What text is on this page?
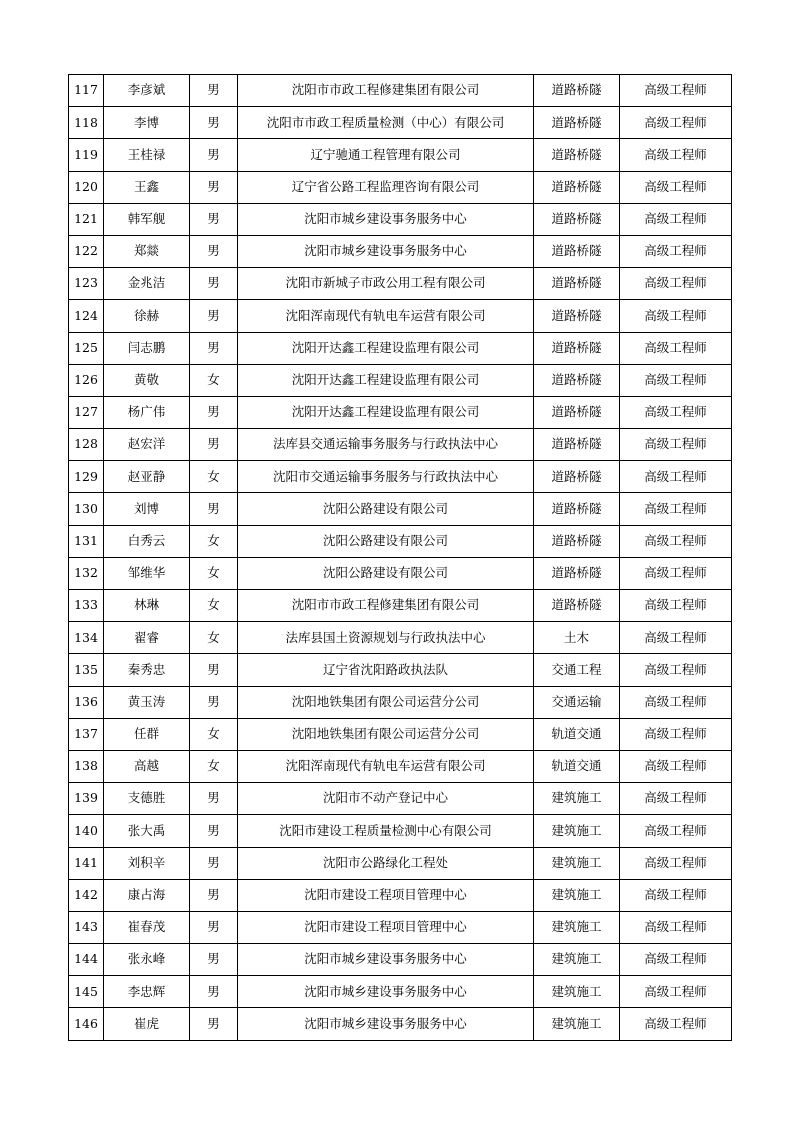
117	李彦斌	男	沈阳市市政工程修建集团有限公司	道路桥隧	高级工程师
118	李博	男	沈阳市市政工程质量检测（中心）有限公司	道路桥隧	高级工程师
119	王桂禄	男	辽宁驰通工程管理有限公司	道路桥隧	高级工程师
120	王鑫	男	辽宁省公路工程监理咨询有限公司	道路桥隧	高级工程师
121	韩军舰	男	沈阳市城乡建设事务服务中心	道路桥隧	高级工程师
122	郑燚	男	沈阳市城乡建设事务服务中心	道路桥隧	高级工程师
123	金兆洁	男	沈阳市新城子市政公用工程有限公司	道路桥隧	高级工程师
124	徐赫	男	沈阳浑南现代有轨电车运营有限公司	道路桥隧	高级工程师
125	闫志鹏	男	沈阳开达鑫工程建设监理有限公司	道路桥隧	高级工程师
126	黄敬	女	沈阳开达鑫工程建设监理有限公司	道路桥隧	高级工程师
127	杨广伟	男	沈阳开达鑫工程建设监理有限公司	道路桥隧	高级工程师
128	赵宏洋	男	法库县交通运输事务服务与行政执法中心	道路桥隧	高级工程师
129	赵亚静	女	沈阳市交通运输事务服务与行政执法中心	道路桥隧	高级工程师
130	刘博	男	沈阳公路建设有限公司	道路桥隧	高级工程师
131	白秀云	女	沈阳公路建设有限公司	道路桥隧	高级工程师
132	邹维华	女	沈阳公路建设有限公司	道路桥隧	高级工程师
133	林琳	女	沈阳市市政工程修建集团有限公司	道路桥隧	高级工程师
134	翟睿	女	法库县国土资源规划与行政执法中心	土木	高级工程师
135	秦秀忠	男	辽宁省沈阳路政执法队	交通工程	高级工程师
136	黄玉涛	男	沈阳地铁集团有限公司运营分公司	交通运输	高级工程师
137	任群	女	沈阳地铁集团有限公司运营分公司	轨道交通	高级工程师
138	高越	女	沈阳浑南现代有轨电车运营有限公司	轨道交通	高级工程师
139	支德胜	男	沈阳市不动产登记中心	建筑施工	高级工程师
140	张大禹	男	沈阳市建设工程质量检测中心有限公司	建筑施工	高级工程师
141	刘积辛	男	沈阳市公路绿化工程处	建筑施工	高级工程师
142	康占海	男	沈阳市建设工程项目管理中心	建筑施工	高级工程师
143	崔春茂	男	沈阳市建设工程项目管理中心	建筑施工	高级工程师
144	张永峰	男	沈阳市城乡建设事务服务中心	建筑施工	高级工程师
145	李忠辉	男	沈阳市城乡建设事务服务中心	建筑施工	高级工程师
146	崔虎	男	沈阳市城乡建设事务服务中心	建筑施工	高级工程师
